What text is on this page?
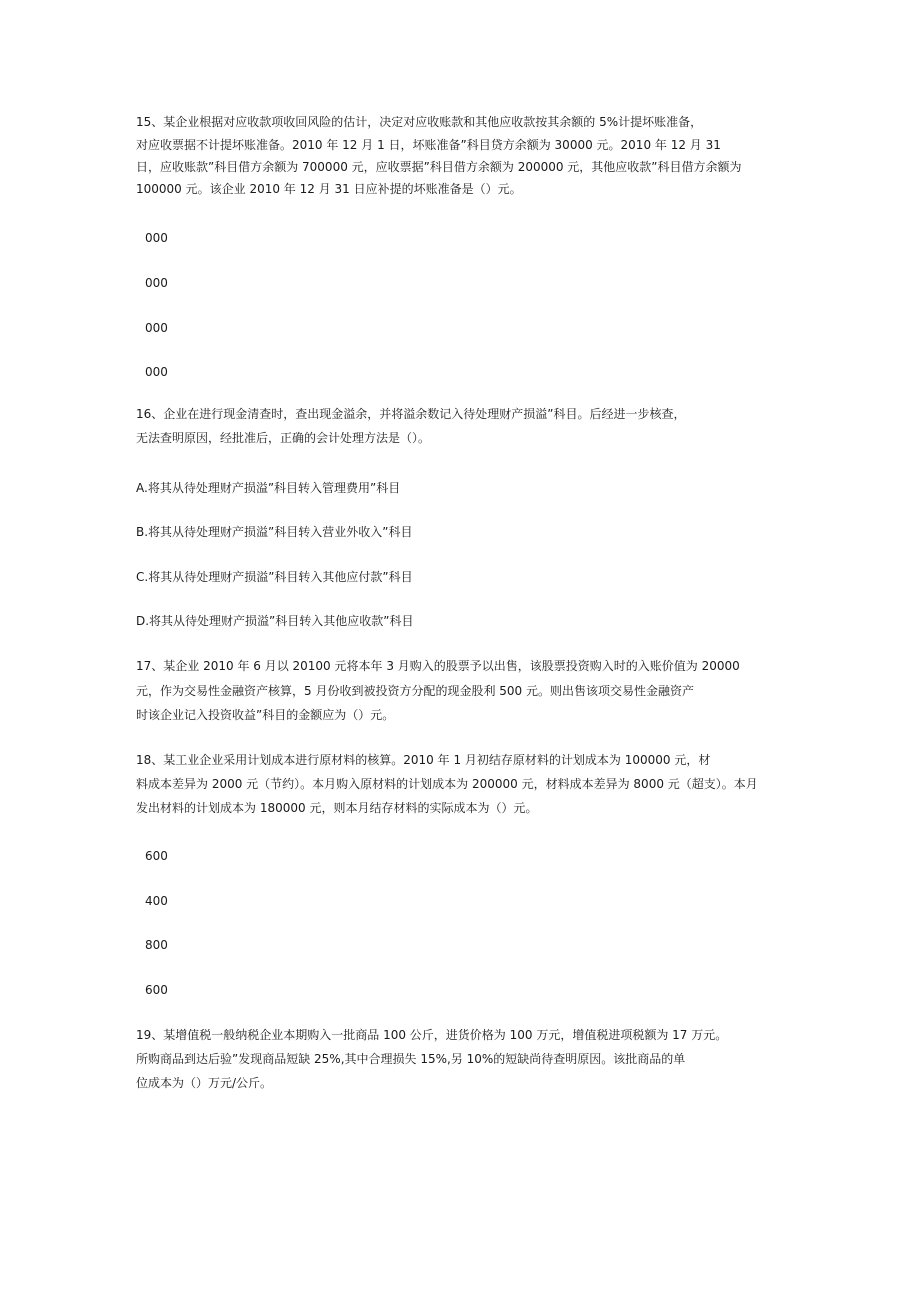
15、某企业根据对应收款项收回风险的估计，决定对应收账款和其他应收款按其余额的 5%计提坏账准备，
对应收票据不计提坏账准备。2010 年 12 月 1 日，坏账准备”科目贷方余额为 30000 元。2010 年 12 月 31
日，应收账款”科目借方余额为 700000 元，应收票据”科目借方余额为 200000 元，其他应收款”科目借方余额为
100000 元。该企业 2010 年 12 月 31 日应补提的坏账准备是（）元。
000
000
000
000
16、企业在进行现金清查时，查出现金溢余，并将溢余数记入待处理财产损溢”科目。后经进一步核查，
无法查明原因，经批准后，正确的会计处理方法是（）。
A.将其从待处理财产损溢”科目转入管理费用”科目
B.将其从待处理财产损溢”科目转入营业外收入”科目
C.将其从待处理财产损溢”科目转入其他应付款”科目
D.将其从待处理财产损溢”科目转入其他应收款”科目
17、某企业 2010 年 6 月以 20100 元将本年 3 月购入的股票予以出售，该股票投资购入时的入账价值为 20000
元，作为交易性金融资产核算，5 月份收到被投资方分配的现金股利 500 元。则出售该项交易性金融资产
时该企业记入投资收益”科目的金额应为（）元。
18、某工业企业采用计划成本进行原材料的核算。2010 年 1 月初结存原材料的计划成本为 100000 元，材
料成本差异为 2000 元（节约）。本月购入原材料的计划成本为 200000 元，材料成本差异为 8000 元（超支）。本月
发出材料的计划成本为 180000 元，则本月结存材料的实际成本为（）元。
600
400
800
600
19、某增值税一般纳税企业本期购入一批商品 100 公斤，进货价格为 100 万元，增值税进项税额为 17 万元。
所购商品到达后验”发现商品短缺 25%,其中合理损失 15%,另 10%的短缺尚待查明原因。该批商品的单
位成本为（）万元/公斤。
